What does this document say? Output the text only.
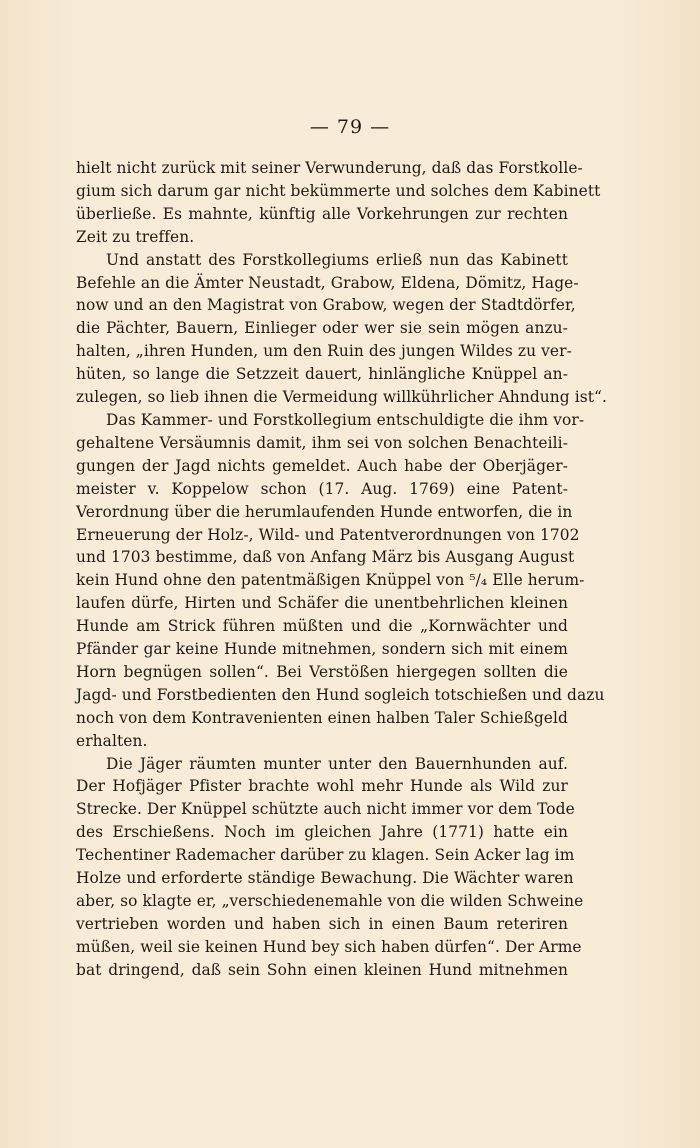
— 79 —
hielt nicht zurück mit seiner Verwunderung, daß das Forstkolle-
gium sich darum gar nicht bekümmerte und solches dem Kabinett
überließe. Es mahnte, künftig alle Vorkehrungen zur rechten
Zeit zu treffen.
Und anstatt des Forstkollegiums erließ nun das Kabinett
Befehle an die Ämter Neustadt, Grabow, Eldena, Dömitz, Hage-
now und an den Magistrat von Grabow, wegen der Stadtdörfer,
die Pächter, Bauern, Einlieger oder wer sie sein mögen anzu-
halten, „ihren Hunden, um den Ruin des jungen Wildes zu ver-
hüten, so lange die Setzzeit dauert, hinlängliche Knüppel an-
zulegen, so lieb ihnen die Vermeidung willkührlicher Ahndung ist“.
Das Kammer- und Forstkollegium entschuldigte die ihm vor-
gehaltene Versäumnis damit, ihm sei von solchen Benachteili-
gungen der Jagd nichts gemeldet. Auch habe der Oberjäger-
meister v. Koppelow schon (17. Aug. 1769) eine Patent-
Verordnung über die herumlaufenden Hunde entworfen, die in
Erneuerung der Holz-, Wild- und Patentverordnungen von 1702
und 1703 bestimme, daß von Anfang März bis Ausgang August
kein Hund ohne den patentmäßigen Knüppel von ⁵/₄ Elle herum-
laufen dürfe, Hirten und Schäfer die unentbehrlichen kleinen
Hunde am Strick führen müßten und die „Kornwächter und
Pfänder gar keine Hunde mitnehmen, sondern sich mit einem
Horn begnügen sollen“. Bei Verstößen hiergegen sollten die
Jagd- und Forstbedienten den Hund sogleich totschießen und dazu
noch von dem Kontravenienten einen halben Taler Schießgeld
erhalten.
Die Jäger räumten munter unter den Bauernhunden auf.
Der Hofjäger Pfister brachte wohl mehr Hunde als Wild zur
Strecke. Der Knüppel schützte auch nicht immer vor dem Tode
des Erschießens. Noch im gleichen Jahre (1771) hatte ein
Techentiner Rademacher darüber zu klagen. Sein Acker lag im
Holze und erforderte ständige Bewachung. Die Wächter waren
aber, so klagte er, „verschiedenemahle von die wilden Schweine
vertrieben worden und haben sich in einen Baum reteriren
müßen, weil sie keinen Hund bey sich haben dürfen“. Der Arme
bat dringend, daß sein Sohn einen kleinen Hund mitnehmen
